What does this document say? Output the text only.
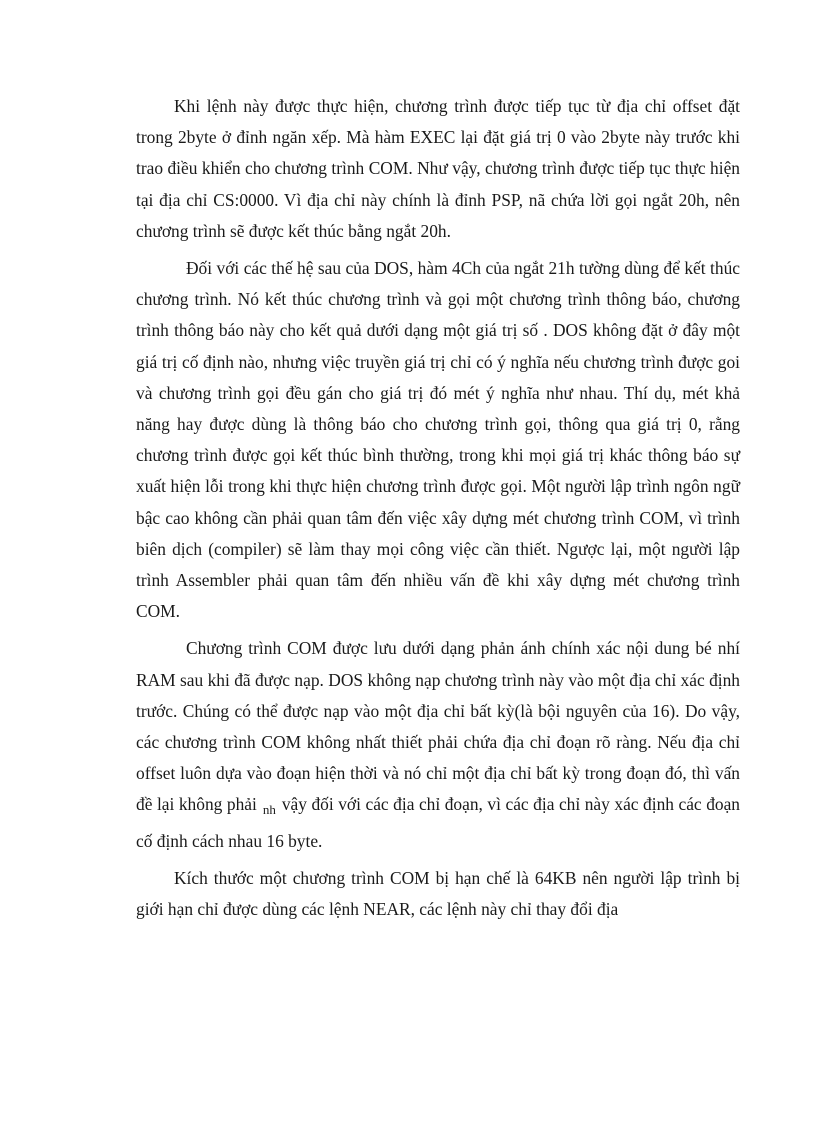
Khi lệnh này được thực hiện, chương trình được tiếp tục từ địa chỉ offset đặt trong 2byte ở đỉnh ngăn xếp. Mà hàm EXEC lại đặt giá trị 0 vào 2byte này trước khi trao điều khiển cho chương trình COM. Như vậy, chương trình được tiếp tục thực hiện tại địa chỉ CS:0000. Vì địa chỉ này chính là đỉnh PSP, nã chứa lời gọi ngắt 20h, nên chương trình sẽ được kết thúc bằng ngắt 20h.

Đối với các thế hệ sau của DOS, hàm 4Ch của ngắt 21h tường dùng để kết thúc chương trình. Nó kết thúc chương trình và gọi một chương trình thông báo, chương trình thông báo này cho kết quả dưới dạng một giá trị số . DOS không đặt ở đây một giá trị cố định nào, nhưng việc truyền giá trị chỉ có ý nghĩa nếu chương trình được goi và chương trình gọi đều gán cho giá trị đó mét ý nghĩa như nhau. Thí dụ, mét khả năng hay được dùng là thông báo cho chương trình gọi, thông qua giá trị 0, rằng chương trình được gọi kết thúc bình thường, trong khi mọi giá trị khác thông báo sự xuất hiện lỗi trong khi thực hiện chương trình được gọi. Một người lập trình ngôn ngữ bậc cao không cần phải quan tâm đến việc xây dựng mét chương trình COM, vì trình biên dịch (compiler) sẽ làm thay mọi công việc cần thiết. Ngược lại, một người lập trình Assembler phải quan tâm đến nhiều vấn đề khi xây dựng mét chương trình COM.

Chương trình COM được lưu dưới dạng phản ánh chính xác nội dung bé nhí RAM sau khi đã được nạp. DOS không nạp chương trình này vào một địa chỉ xác định trước. Chúng có thể được nạp vào một địa chỉ bất kỳ(là bội nguyên của 16). Do vậy, các chương trình COM không nhất thiết phải chứa địa chỉ đoạn rõ ràng. Nếu địa chỉ offset luôn dựa vào đoạn hiện thời và nó chỉ một địa chỉ bất kỳ trong đoạn đó, thì vấn đề lại không phải $_{nh}$ vậy đối với các địa chỉ đoạn, vì các địa chỉ này xác định các đoạn cố định cách nhau 16 byte.

Kích thước một chương trình COM bị hạn chế là 64KB nên người lập trình bị giới hạn chỉ được dùng các lệnh NEAR, các lệnh này chỉ thay đổi địa
